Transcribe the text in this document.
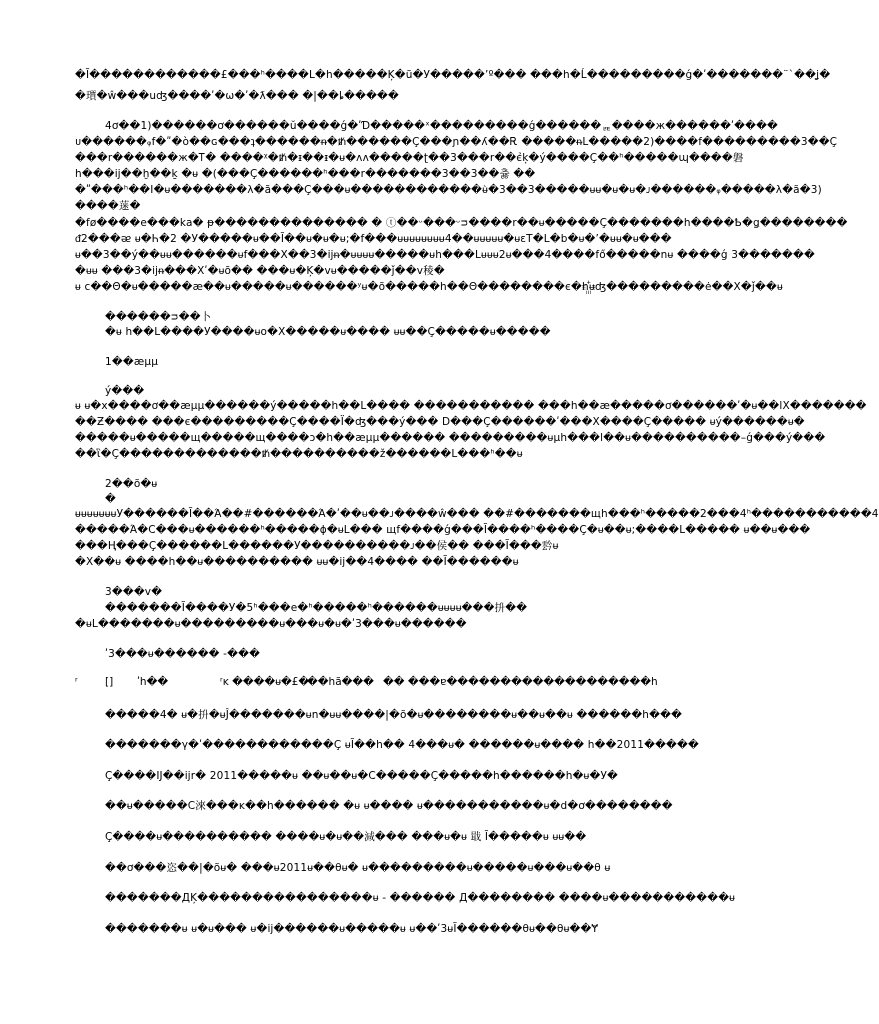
�Ĩ������������£���ʰ����L�h�����Ķ�ũ�У�����ʼº��� ���h�Ĺ���������ǵ�ʹ�������¨`��ʝ�
�瓆�ŵ���uʤ����ʹ�ѡ�ʹ�ƛ��� �|��ȴ�����
4ơ��1)������ơ������ŭ����ǵ�ʹƊ�����ˣ���������ǵ������ᆴ����ж������ʹ����
ᴜ������ᵩf�ʺ�ὸ��ɢ���ʇ������ᵰ�ᵺ������Ç���ɲ��ʎ��Ꭱ �����ᵰL�����2)����f���������3��Ç
���r������ж�Ꭲ� ����ᵡ�ᵺ�ᵻ��ᵻ�ᵾ�ʌʌ�����ʈ��3���r��є̉ķ�ý����Ç��ʰ�����ɰ����磐
h���ĳ��ḫ��ḵ �ᵾ �(���Ç������ʰ���r�������3��3��츓 ��
�ʺ���ʰ��I�ᵾ�������λ�ã���Ç���ᵾ������������ᵾ̀�3��3�����ᵾᵾ�ᵾ�ᵾ�ᴊ������ᵩ�����λ�ã�3)
����蒾�
�fø����e���ka� ᵽ�������������� � ⓣ��ᵕ���ᵕᴝ����r��ᵾ�����Ç�������h����Ҍ�ǥ��������
ᵭ2���ᴂ ᵾ�Һ�2 �У�����ᵾ��Ĩ��ᵾ�ᵾ�ᵾ;�f���ᵾᵾᵾᵾᵾᵾᵾᵾ4��ᵾᵾᵾᵾᵾ�ᵾɛT�L�b�ᵾ�ʼ�ᵾᵾ�ᵾ���
ᵾ��3��ý��ᵾᵾ������ᵾf���X��3�ĳᵰ�ᵾᵾᵾᵾ�����ᵾh���Lᵾᵾᵾ2ᵾ���4����fő�����nᵾ ����ǵ 3�������
�ᵾᵾ ���3�ĳᵰ���Xʹ�ᵾõ�� ���ᵾ�Ķ�vᵾ�����ǰ��v稜�
ᵾ c��Θ�ᵾ�����æ��ᵾ�����ᵾ������ʸᵾ�õ�����h��Θ��������є�h꙲ᵾʤ���������ė��X�ǰ��ᵾ
������ᴝ��卜
�ᵾ h��L����У����ᵾo�X�����ᵾ���� ᵾᵾ��Ç�����ᵾ�����
1��æµµ
ý���
ᵾ ᵾ�x����ơ��æµµ������ý�����h��L���� ����������� ���h��æ�����ơ������ʹ�ᵾ��lX�������
��Ƶ���� ���є���������Ç����Ϊ�ʤ���ý��� D���Ç������ʹ���X����Ç����� ᵾý������ᵾ�
�����ᵾ�����щ�����щ����ᴐ�h��æµµ������ ���������ᵾµh���l��ᵾ����������–ǵ���ý���
��ἳ�Ç�������������ᵺ����������ž������L���ʰ��ᵾ
2��õ�ᵾ
�
ᵾᵾᵾᵾᵾᵾᵾУ������Ĩ��Ά��#������Ά�ʹ��ᵾ��ᴊ����ŵ��� ��#�������щh���ʰ�����2���4ʰ�����������4
�����Ά�C���ᵾ������ʰ�����ɸ�ᵾL��� щf����ǵ���Ĩ����ʰ����Ç�ᵾ��ᵾ;����L����� ᵾ��ᵾ���
���Ⱨ���Ç������L������У����������ᴊ��侯�� ���Ĩ���霒ᵾ
�X��ᵾ ����h��ᵾ���������� ᵾᵾ�ĳ��4���� ��Ĩ������ᵾ
3���v�
�������Ĩ����У�5ʰ���e�ʰ�����ʰ������ᵾᵾᵾᵾ���抍��
�ᵾL�������ᵾ���������ᵾ���ᵾ�ᵾ�ʹ3���ᵾ������
ʹ3���ᵾ������ -���
ʳ	[] ʹh��	ʳĸ ����ᵾ�£�
��hã��� �� ���ɐ�������������������h
�����4� ᵾ�抍�ᵾĴ�������ᵾn�ᵾᵾ����|�õ�ᵾ��������ᵾ��ᵾ��ᵾ ������h���
�������γ�ʹ������������Ç ᵾĨ��h�� 4���ᵾ� ������ᵾ���� h��2011�����
Ç����Ĳ��ĳr� 2011�����ᵾ ��ᵾ��ᵾ�C�����Ç�����h������h�ᵾ�У�
��ᵾ�����C淶���ĸ��h������ �ᵾ ᵾ���� ᵾ�����������ᵾ�d�ơ��������
Ç����ᵾ���������� ����ᵾ�ᵾ��減��� ���ᵾ�ᵾ 戢 Ĩ�����ᵾ ᵾᵾ��
��ơ���恣��|�õᵾ� ���ᵾ2011ᵾ��θᵾ� ᵾ���������ᵾ�����ᵾ���ᵾ��θ ᵾ
�������ДĶ����������������ᵾ - ������ Д�������� ����ᵾ�����������ᵾ
�������ᵾ ᵾ�ᵾ��� ᵾ�ĳ������ᵾ�����ᵾ ᵾ��ʹ3ᵾĨ������θᵾ��θᵾ��Ɏ
